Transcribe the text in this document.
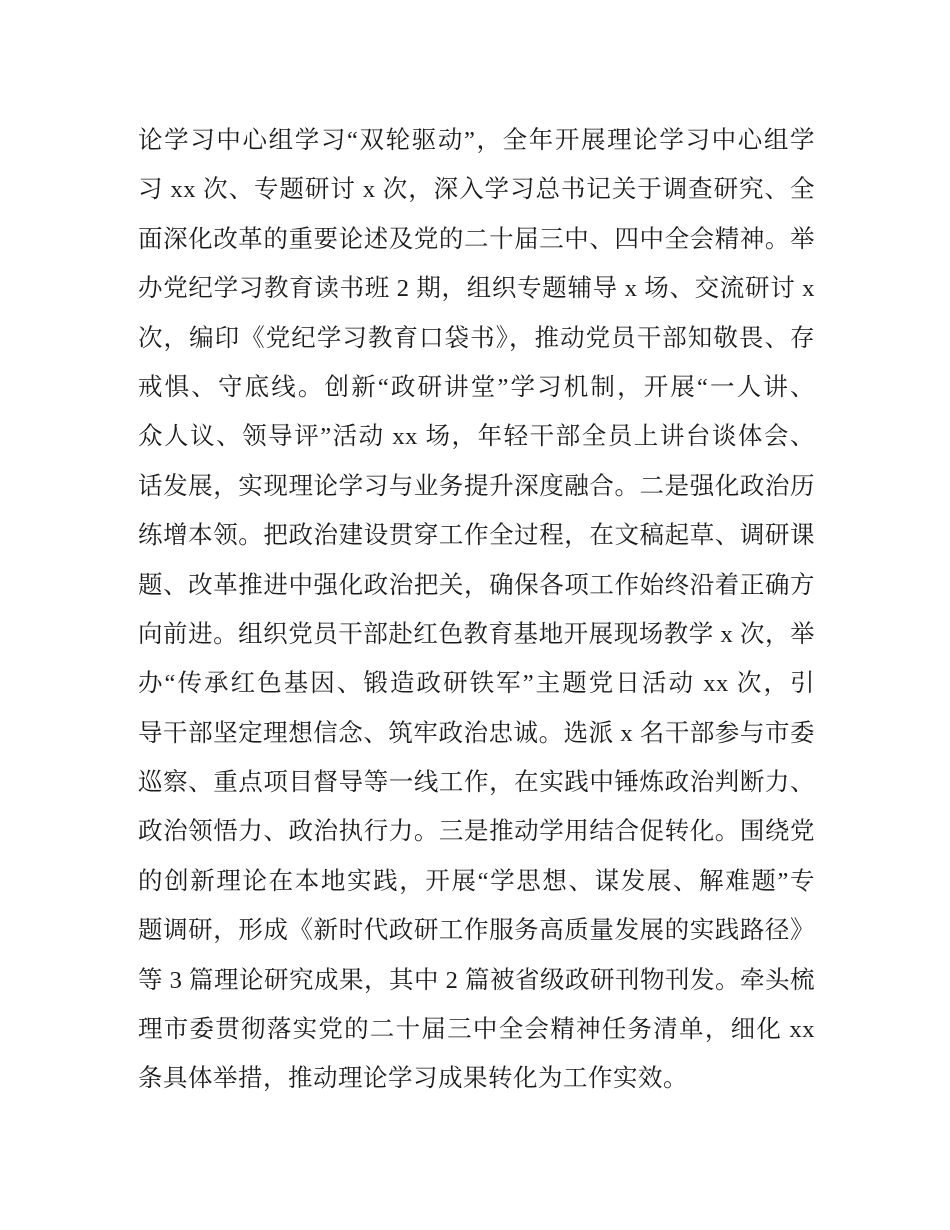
论学习中心组学习“双轮驱动”，全年开展理论学习中心组学
习 xx 次、专题研讨 x 次，深入学习总书记关于调查研究、全
面深化改革的重要论述及党的二十届三中、四中全会精神。举
办党纪学习教育读书班 2 期，组织专题辅导 x 场、交流研讨 x
次，编印《党纪学习教育口袋书》，推动党员干部知敬畏、存
戒惧、守底线。创新“政研讲堂”学习机制，开展“一人讲、
众人议、领导评”活动 xx 场，年轻干部全员上讲台谈体会、
话发展，实现理论学习与业务提升深度融合。二是强化政治历
练增本领。把政治建设贯穿工作全过程，在文稿起草、调研课
题、改革推进中强化政治把关，确保各项工作始终沿着正确方
向前进。组织党员干部赴红色教育基地开展现场教学 x 次，举
办“传承红色基因、锻造政研铁军”主题党日活动 xx 次，引
导干部坚定理想信念、筑牢政治忠诚。选派 x 名干部参与市委
巡察、重点项目督导等一线工作，在实践中锤炼政治判断力、
政治领悟力、政治执行力。三是推动学用结合促转化。围绕党
的创新理论在本地实践，开展“学思想、谋发展、解难题”专
题调研，形成《新时代政研工作服务高质量发展的实践路径》
等 3 篇理论研究成果，其中 2 篇被省级政研刊物刊发。牵头梳
理市委贯彻落实党的二十届三中全会精神任务清单，细化 xx
条具体举措，推动理论学习成果转化为工作实效。
